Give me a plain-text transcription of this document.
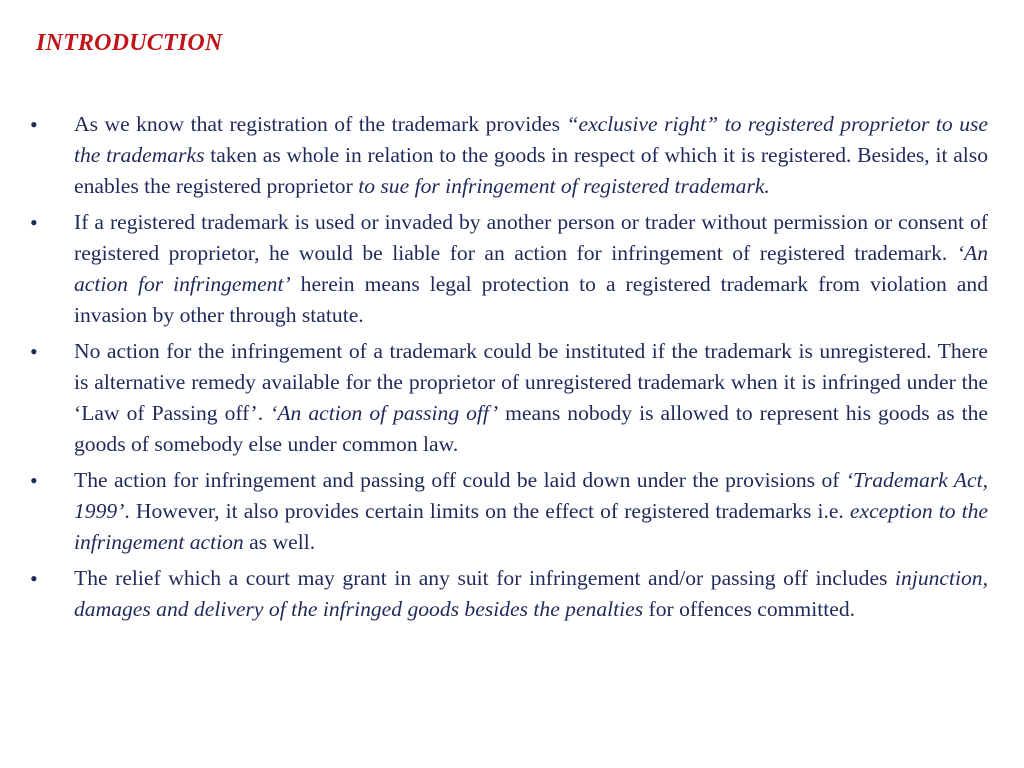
INTRODUCTION
•	As we know that registration of the trademark provides “exclusive right” to registered proprietor to use the trademarks taken as whole in relation to the goods in respect of which it is registered. Besides, it also enables the registered proprietor to sue for infringement of registered trademark.
•	If a registered trademark is used or invaded by another person or trader without permission or consent of registered proprietor, he would be liable for an action for infringement of registered trademark. ‘An action for infringement’ herein means legal protection to a registered trademark from violation and invasion by other through statute.
•	No action for the infringement of a trademark could be instituted if the trademark is unregistered. There is alternative remedy available for the proprietor of unregistered trademark when it is infringed under the ‘Law of Passing off’. ‘An action of passing off’ means nobody is allowed to represent his goods as the goods of somebody else under common law.
•	The action for infringement and passing off could be laid down under the provisions of ‘Trademark Act, 1999’. However, it also provides certain limits on the effect of registered trademarks i.e. exception to the infringement action as well.
•	The relief which a court may grant in any suit for infringement and/or passing off includes injunction, damages and delivery of the infringed goods besides the penalties for offences committed.
